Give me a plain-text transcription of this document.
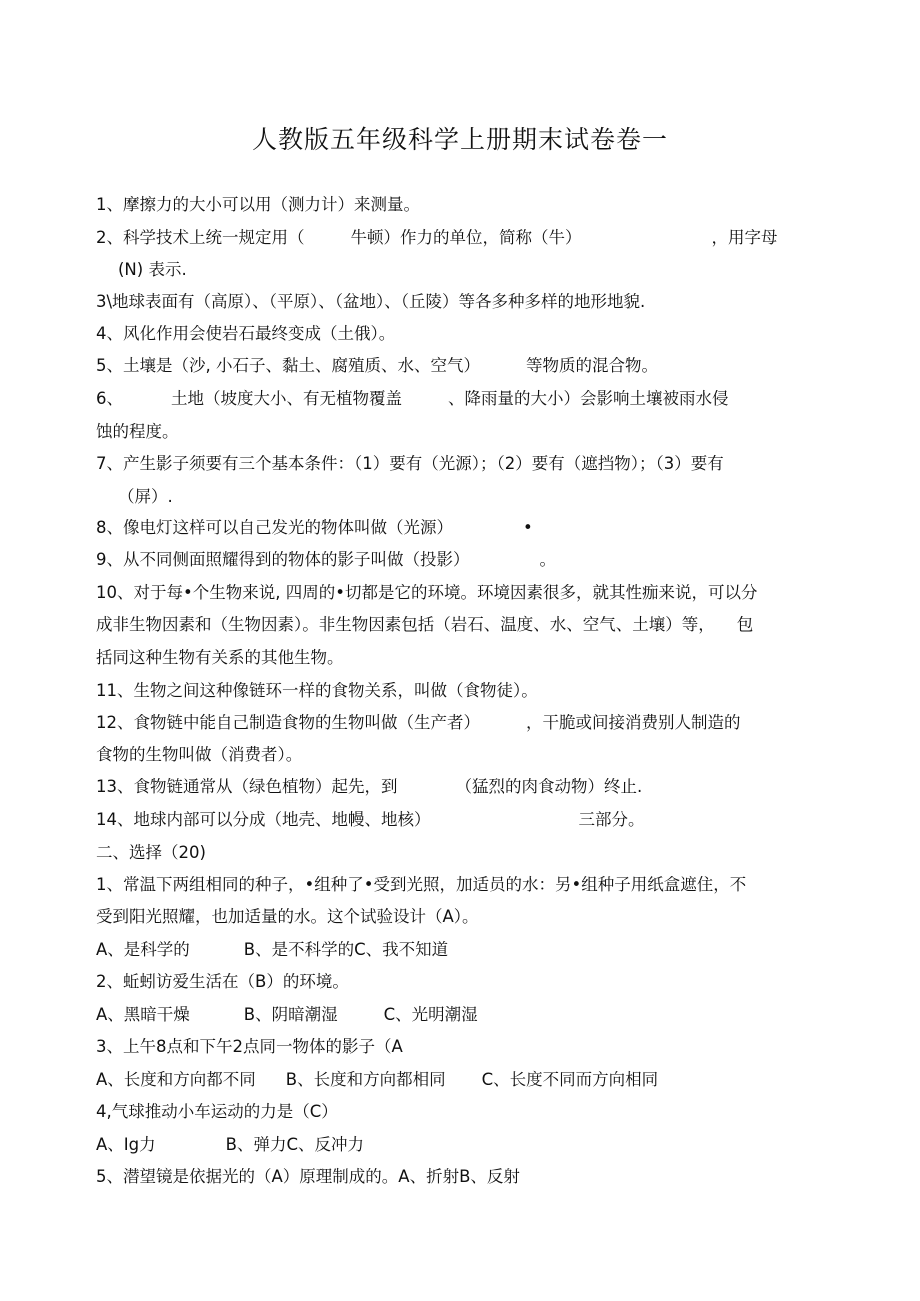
人教版五年级科学上册期末试卷卷一
1、摩擦力的大小可以用（测力计）来测量。
2、科学技术上统一规定用（	牛顿）作力的单位，简称（牛）	，用字母
(N) 表示.
3\地球表面有（高原）、（平原）、（盆地）、（丘陵）等各多种多样的地形地貌.
4、风化作用会使岩石最终变成（土俄）。
5、土壤是（沙, 小石子、黏土、腐殖质、水、空气）	等物质的混合物。
6、	土地（坡度大小、有无植物覆盖	、降雨量的大小）会影响土壤被雨水侵
蚀的程度。
7、产生影子须要有三个基本条件：（1）要有（光源）；（2）要有（遮挡物）；（3）要有
（屏）.
8、像电灯这样可以自己发光的物体叫做（光源）	•
9、从不同侧面照耀得到的物体的影子叫做（投影）	。
10、对于每•个生物来说, 四周的•切都是它的环境。环境因素很多，就其性痂来说，可以分
成非生物因素和（生物因素）。非生物因素包括（岩石、温度、水、空气、土壤）等， 包
括同这种生物有关系的其他生物。
11、生物之间这种像链环一样的食物关系，叫做（食物徒）。
12、食物链中能自己制造食物的生物叫做（生产者）	，干脆或间接消费别人制造的
食物的生物叫做（消费者）。
13、食物链通常从（绿色植物）起先，到	（猛烈的肉食动物）终止.
14、地球内部可以分成（地壳、地幔、地核）	三部分。
二、选择（20)
1、常温下两组相同的种子，•组种了•受到光照，加适员的水：另•组种子用纸盒遮住，不
受到阳光照耀，也加适量的水。这个试验设计（A）。
A、是科学的	B、是不科学的C、我不知道
2、蚯蚓访爱生活在（B）的环境。
A、黑暗干燥	B、阴暗潮湿	C、光明潮湿
3、上午8点和下午2点同一物体的影子（A
A、长度和方向都不同 B、长度和方向都相同 C、长度不同而方向相同
4,气球推动小车运动的力是（C）
A、Ig力	B、弹力C、反冲力
5、潜望镜是依据光的（A）原理制成的。A、折射B、反射
